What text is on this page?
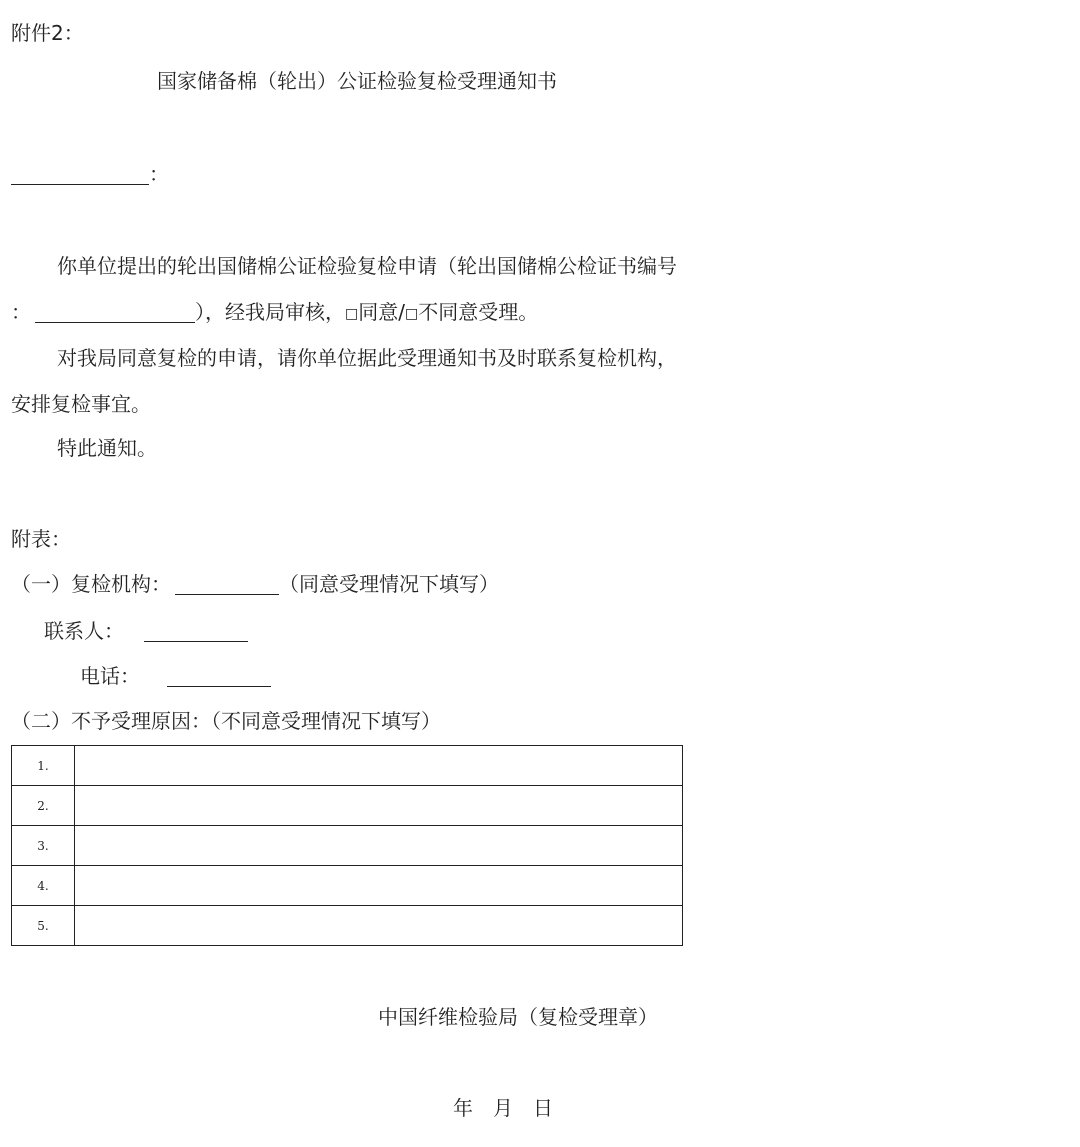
附件2：
国家储备棉（轮出）公证检验复检受理通知书
：
你单位提出的轮出国储棉公证检验复检申请（轮出国储棉公检证书编号
：	），经我局审核，□同意/□不同意受理。
对我局同意复检的申请，请你单位据此受理通知书及时联系复检机构，
安排复检事宜。
特此通知。
附表：
（一）复检机构：	（同意受理情况下填写）
联系人：
电话：
（二）不予受理原因：（不同意受理情况下填写）
1.	
2.	
3.	
4.	
5.	
中国纤维检验局（复检受理章）
年 月 日
